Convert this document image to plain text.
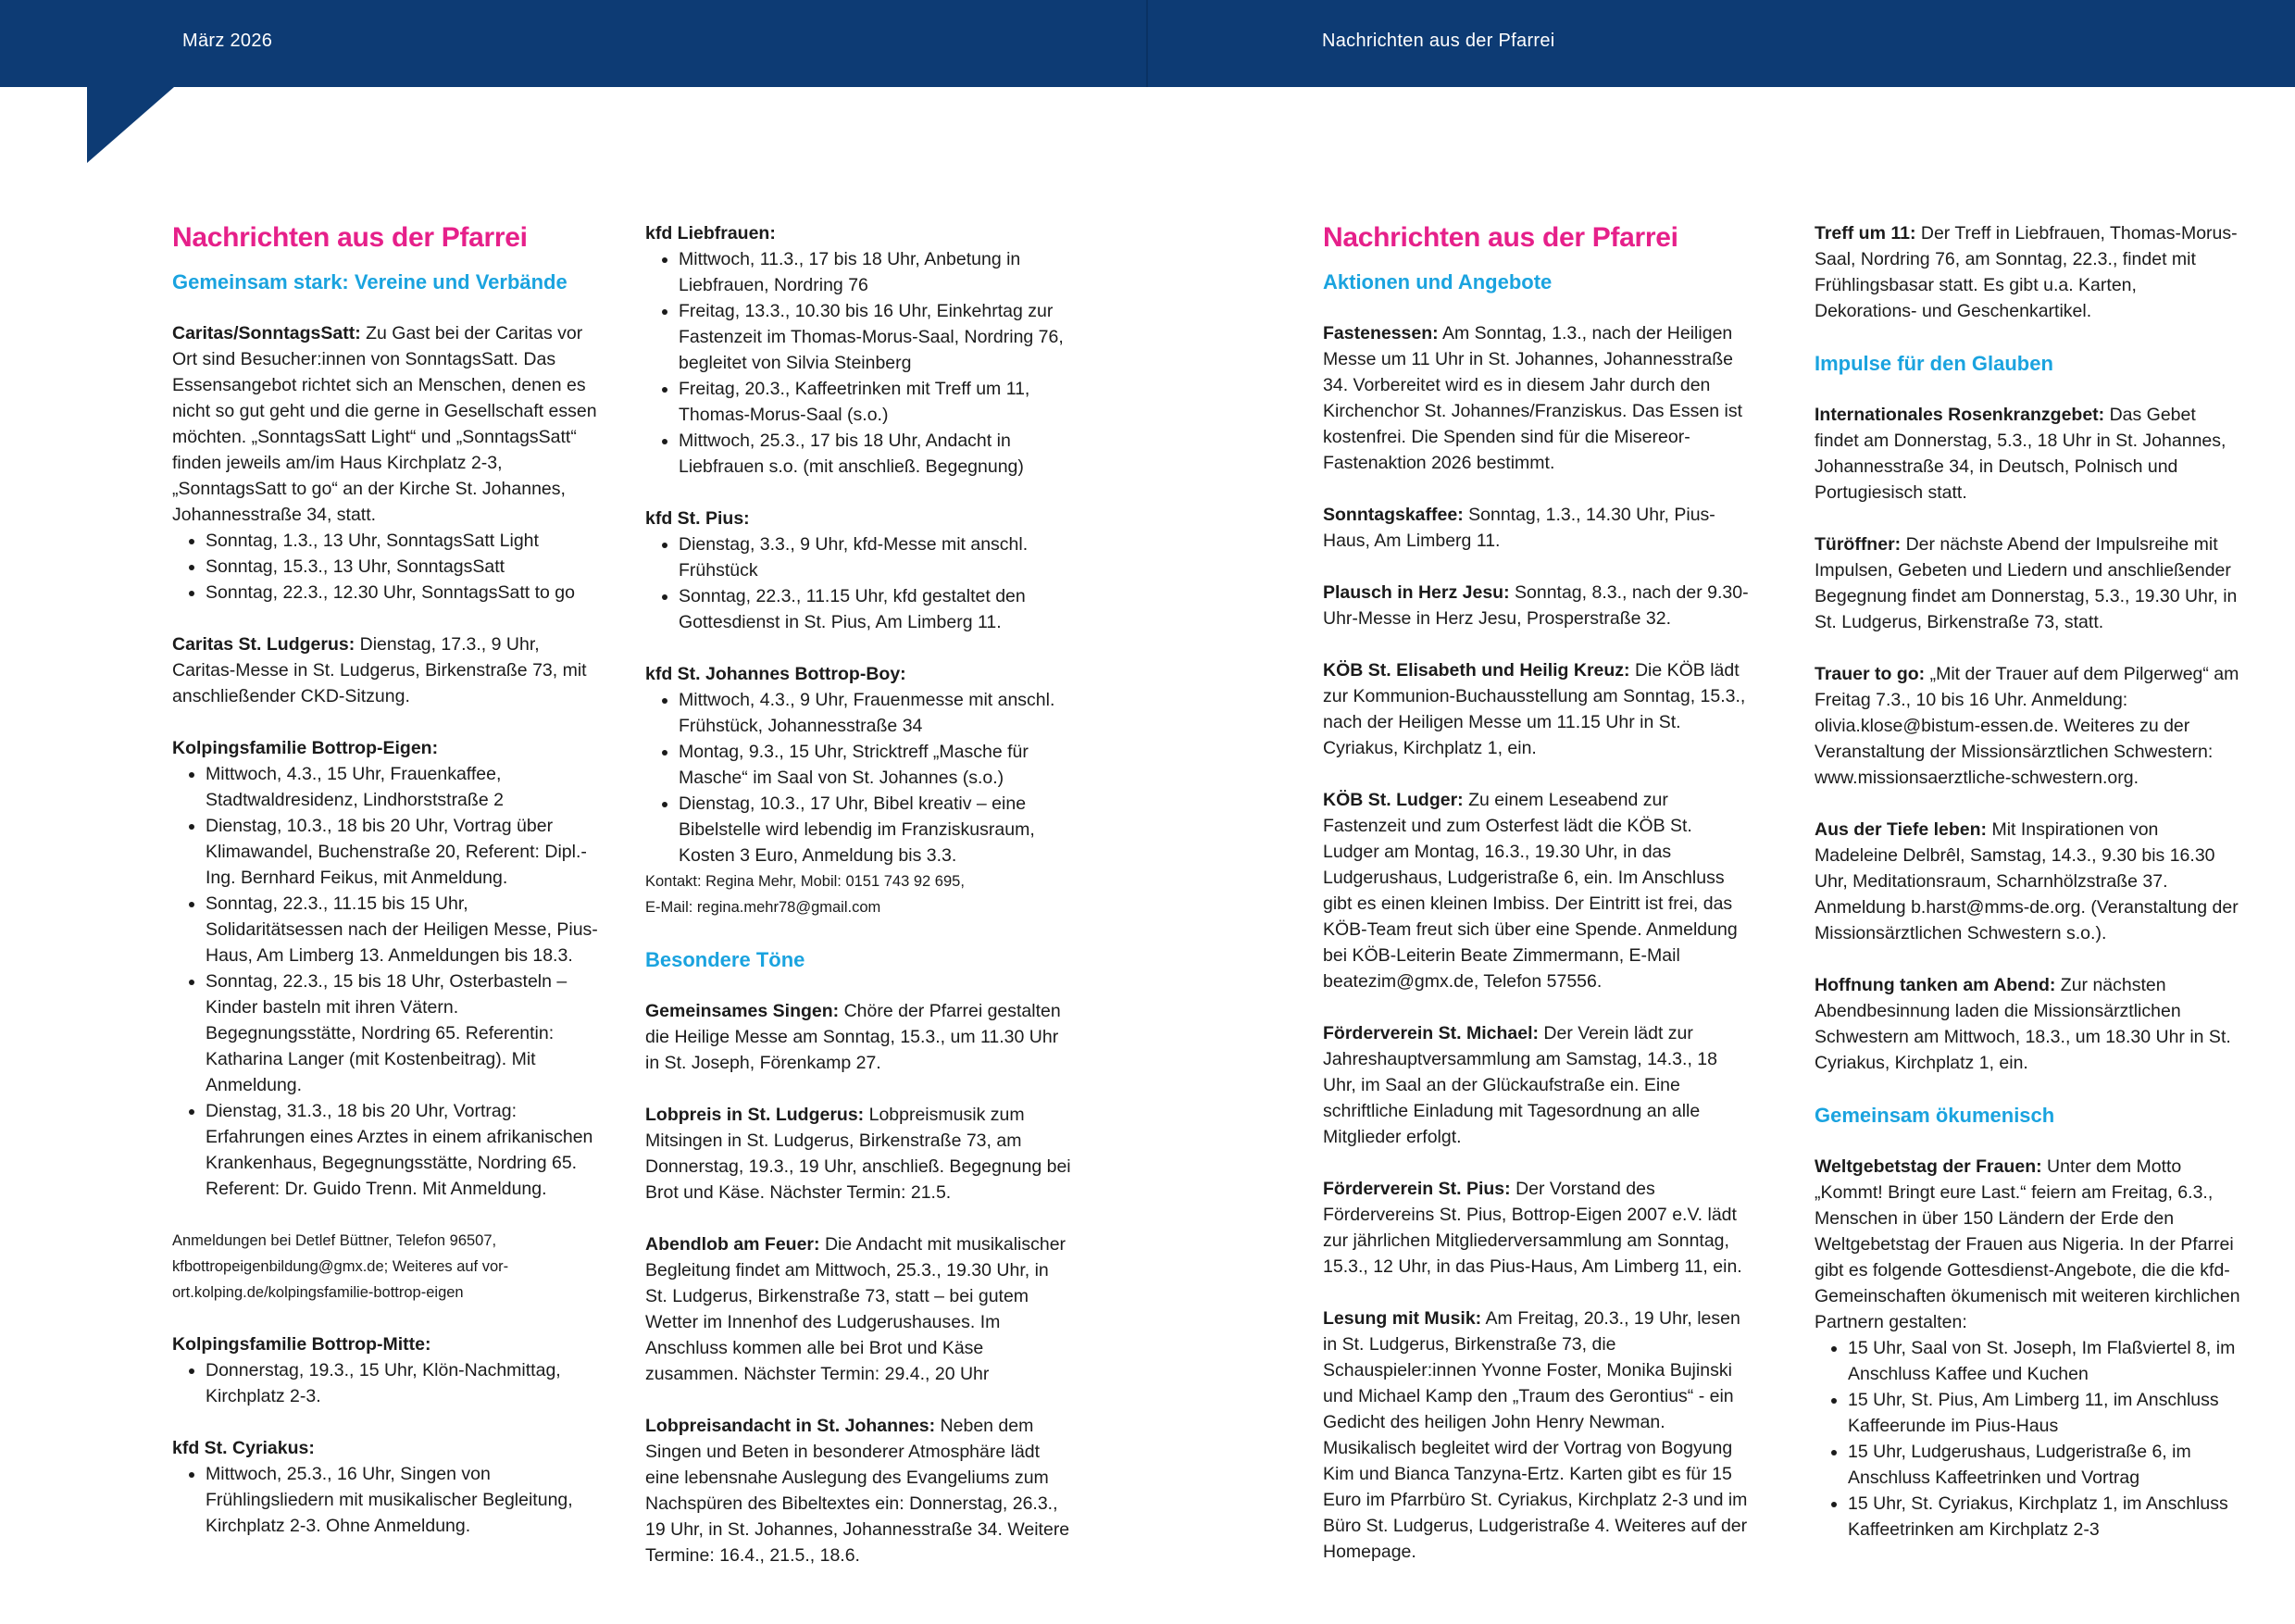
März 2026	Nachrichten aus der Pfarrei
Nachrichten aus der Pfarrei
Gemeinsam stark: Vereine und Verbände

Caritas/SonntagsSatt: Zu Gast bei der Caritas vor Ort sind Besucher:innen von SonntagsSatt. Das Essensangebot richtet sich an Menschen, denen es nicht so gut geht und die gerne in Gesellschaft essen möchten. „SonntagsSatt Light“ und „SonntagsSatt“ finden jeweils am/im Haus Kirchplatz 2-3, „SonntagsSatt to go“ an der Kirche St. Johannes, Johannesstraße 34, statt.

• Sonntag, 1.3., 13 Uhr, SonntagsSatt Light
• Sonntag, 15.3., 13 Uhr, SonntagsSatt
• Sonntag, 22.3., 12.30 Uhr, SonntagsSatt to go

Caritas St. Ludgerus: Dienstag, 17.3., 9 Uhr, Caritas-Messe in St. Ludgerus, Birkenstraße 73, mit anschließender CKD-Sitzung.

Kolpingsfamilie Bottrop-Eigen:

• Mittwoch, 4.3., 15 Uhr, Frauenkaffee, Stadtwaldresidenz, Lindhorststraße 2
• Dienstag, 10.3., 18 bis 20 Uhr, Vortrag über Klimawandel, Buchenstraße 20, Referent: Dipl.-Ing. Bernhard Feikus, mit Anmeldung.
• Sonntag, 22.3., 11.15 bis 15 Uhr, Solidaritätsessen nach der Heiligen Messe, Pius-Haus, Am Limberg 13. Anmeldungen bis 18.3.
• Sonntag, 22.3., 15 bis 18 Uhr, Osterbasteln – Kinder basteln mit ihren Vätern. Begegnungsstätte, Nordring 65. Referentin: Katharina Langer (mit Kostenbeitrag). Mit Anmeldung.
• Dienstag, 31.3., 18 bis 20 Uhr, Vortrag: Erfahrungen eines Arztes in einem afrikanischen Krankenhaus, Begegnungsstätte, Nordring 65. Referent: Dr. Guido Trenn. Mit Anmeldung.

Anmeldungen bei Detlef Büttner, Telefon 96507, kfbottropeigenbildung@gmx.de; Weiteres auf vor-ort.kolping.de/kolpingsfamilie-bottrop-eigen

Kolpingsfamilie Bottrop-Mitte:

• Donnerstag, 19.3., 15 Uhr, Klön-Nachmittag, Kirchplatz 2-3.

kfd St. Cyriakus:

• Mittwoch, 25.3., 16 Uhr, Singen von Frühlingsliedern mit musikalischer Begleitung, Kirchplatz 2-3. Ohne Anmeldung.

kfd Liebfrauen:

• Mittwoch, 11.3., 17 bis 18 Uhr, Anbetung in Liebfrauen, Nordring 76
• Freitag, 13.3., 10.30 bis 16 Uhr, Einkehrtag zur Fastenzeit im Thomas-Morus-Saal, Nordring 76, begleitet von Silvia Steinberg
• Freitag, 20.3., Kaffeetrinken mit Treff um 11, Thomas-Morus-Saal (s.o.)
• Mittwoch, 25.3., 17 bis 18 Uhr, Andacht in Liebfrauen s.o. (mit anschließ. Begegnung)

kfd St. Pius:

• Dienstag, 3.3., 9 Uhr, kfd-Messe mit anschl. Frühstück
• Sonntag, 22.3., 11.15 Uhr, kfd gestaltet den Gottesdienst in St. Pius, Am Limberg 11.

kfd St. Johannes Bottrop-Boy:

• Mittwoch, 4.3., 9 Uhr, Frauenmesse mit anschl. Frühstück, Johannesstraße 34
• Montag, 9.3., 15 Uhr, Stricktreff „Masche für Masche“ im Saal von St. Johannes (s.o.)
• Dienstag, 10.3., 17 Uhr, Bibel kreativ – eine Bibelstelle wird lebendig im Franziskusraum, Kosten 3 Euro, Anmeldung bis 3.3.

Kontakt: Regina Mehr, Mobil: 0151 743 92 695,

E-Mail: regina.mehr78@gmail.com

Besondere Töne

Gemeinsames Singen: Chöre der Pfarrei gestalten die Heilige Messe am Sonntag, 15.3., um 11.30 Uhr in St. Joseph, Förenkamp 27.

Lobpreis in St. Ludgerus: Lobpreismusik zum Mitsingen in St. Ludgerus, Birkenstraße 73, am Donnerstag, 19.3., 19 Uhr, anschließ. Begegnung bei Brot und Käse. Nächster Termin: 21.5.

Abendlob am Feuer: Die Andacht mit musikalischer Begleitung findet am Mittwoch, 25.3., 19.30 Uhr, in St. Ludgerus, Birkenstraße 73, statt – bei gutem Wetter im Innenhof des Ludgerushauses. Im Anschluss kommen alle bei Brot und Käse zusammen. Nächster Termin: 29.4., 20 Uhr

Lobpreisandacht in St. Johannes: Neben dem Singen und Beten in besonderer Atmosphäre lädt eine lebensnahe Auslegung des Evangeliums zum Nachspüren des Bibeltextes ein: Donnerstag, 26.3., 19 Uhr, in St. Johannes, Johannesstraße 34. Weitere Termine: 16.4., 21.5., 18.6.

Nachrichten aus der Pfarrei
Aktionen und Angebote

Fastenessen: Am Sonntag, 1.3., nach der Heiligen Messe um 11 Uhr in St. Johannes, Johannesstraße 34. Vorbereitet wird es in diesem Jahr durch den Kirchenchor St. Johannes/Franziskus. Das Essen ist kostenfrei. Die Spenden sind für die Misereor-Fastenaktion 2026 bestimmt.

Sonntagskaffee: Sonntag, 1.3., 14.30 Uhr, Pius-Haus, Am Limberg 11.

Plausch in Herz Jesu: Sonntag, 8.3., nach der 9.30-Uhr-Messe in Herz Jesu, Prosperstraße 32.

KÖB St. Elisabeth und Heilig Kreuz: Die KÖB lädt zur Kommunion-Buchausstellung am Sonntag, 15.3., nach der Heiligen Messe um 11.15 Uhr in St. Cyriakus, Kirchplatz 1, ein.

KÖB St. Ludger: Zu einem Leseabend zur Fastenzeit und zum Osterfest lädt die KÖB St. Ludger am Montag, 16.3., 19.30 Uhr, in das Ludgerushaus, Ludgeristraße 6, ein. Im Anschluss gibt es einen kleinen Imbiss. Der Eintritt ist frei, das KÖB-Team freut sich über eine Spende. Anmeldung bei KÖB-Leiterin Beate Zimmermann, E-Mail beatezim@gmx.de, Telefon 57556.

Förderverein St. Michael: Der Verein lädt zur Jahreshauptversammlung am Samstag, 14.3., 18 Uhr, im Saal an der Glückaufstraße ein. Eine schriftliche Einladung mit Tagesordnung an alle Mitglieder erfolgt.

Förderverein St. Pius: Der Vorstand des Fördervereins St. Pius, Bottrop-Eigen 2007 e.V. lädt zur jährlichen Mitgliederversammlung am Sonntag, 15.3., 12 Uhr, in das Pius-Haus, Am Limberg 11, ein.

Lesung mit Musik: Am Freitag, 20.3., 19 Uhr, lesen in St. Ludgerus, Birkenstraße 73, die Schauspieler:innen Yvonne Foster, Monika Bujinski und Michael Kamp den „Traum des Gerontius“ - ein Gedicht des heiligen John Henry Newman. Musikalisch begleitet wird der Vortrag von Bogyung Kim und Bianca Tanzyna-Ertz. Karten gibt es für 15 Euro im Pfarrbüro St. Cyriakus, Kirchplatz 2-3 und im Büro St. Ludgerus, Ludgeristraße 4. Weiteres auf der Homepage.

Treff um 11: Der Treff in Liebfrauen, Thomas-Morus-Saal, Nordring 76, am Sonntag, 22.3., findet mit Frühlingsbasar statt. Es gibt u.a. Karten, Dekorations- und Geschenkartikel.

Impulse für den Glauben

Internationales Rosenkranzgebet: Das Gebet findet am Donnerstag, 5.3., 18 Uhr in St. Johannes, Johannesstraße 34, in Deutsch, Polnisch und Portugiesisch statt.

Türöffner: Der nächste Abend der Impulsreihe mit Impulsen, Gebeten und Liedern und anschließender Begegnung findet am Donnerstag, 5.3., 19.30 Uhr, in St. Ludgerus, Birkenstraße 73, statt.

Trauer to go: „Mit der Trauer auf dem Pilgerweg“ am Freitag 7.3., 10 bis 16 Uhr. Anmeldung: olivia.klose@bistum-essen.de. Weiteres zu der Veranstaltung der Missionsärztlichen Schwestern: www.missionsaerztliche-schwestern.org.

Aus der Tiefe leben: Mit Inspirationen von Madeleine Delbrêl, Samstag, 14.3., 9.30 bis 16.30 Uhr, Meditationsraum, Scharnhölzstraße 37. Anmeldung b.harst@mms-de.org. (Veranstaltung der Missionsärztlichen Schwestern s.o.).

Hoffnung tanken am Abend: Zur nächsten Abendbesinnung laden die Missionsärztlichen Schwestern am Mittwoch, 18.3., um 18.30 Uhr in St. Cyriakus, Kirchplatz 1, ein.

Gemeinsam ökumenisch

Weltgebetstag der Frauen: Unter dem Motto „Kommt! Bringt eure Last.“ feiern am Freitag, 6.3., Menschen in über 150 Ländern der Erde den Weltgebetstag der Frauen aus Nigeria. In der Pfarrei gibt es folgende Gottesdienst-Angebote, die die kfd-Gemeinschaften ökumenisch mit weiteren kirchlichen Partnern gestalten:

• 15 Uhr, Saal von St. Joseph, Im Flaßviertel 8, im Anschluss Kaffee und Kuchen
• 15 Uhr, St. Pius, Am Limberg 11, im Anschluss Kaffeerunde im Pius-Haus
• 15 Uhr, Ludgerushaus, Ludgeristraße 6, im Anschluss Kaffeetrinken und Vortrag
• 15 Uhr, St. Cyriakus, Kirchplatz 1, im Anschluss Kaffeetrinken am Kirchplatz 2-3
